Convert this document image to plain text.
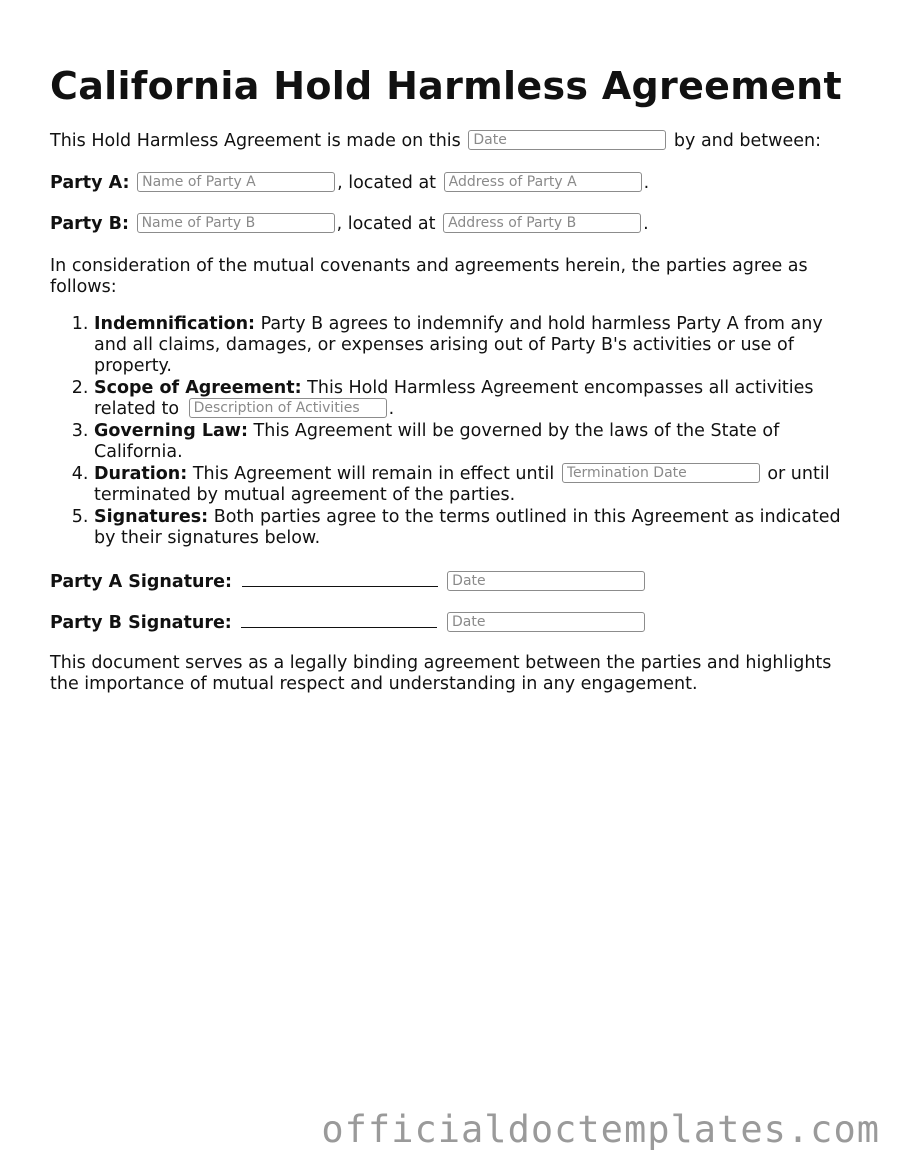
California Hold Harmless Agreement
This Hold Harmless Agreement is made on this Date	by and between:
Party A: Name of Party A	, located at Address of Party A	.
Party B: Name of Party B	, located at Address of Party B	.
In consideration of the mutual covenants and agreements herein, the parties agree as follows:
1. Indemnification: Party B agrees to indemnify and hold harmless Party A from any and all claims, damages, or expenses arising out of Party B's activities or use of property.
2. Scope of Agreement: This Hold Harmless Agreement encompasses all activities related to Description of Activities	.
3. Governing Law: This Agreement will be governed by the laws of the State of California.
4. Duration: This Agreement will remain in effect until Termination Date	or until terminated by mutual agreement of the parties.
5. Signatures: Both parties agree to the terms outlined in this Agreement as indicated by their signatures below.
Party A Signature:  Date
Party B Signature:  Date
This document serves as a legally binding agreement between the parties and highlights the importance of mutual respect and understanding in any engagement.
officialdoctemplates.com
